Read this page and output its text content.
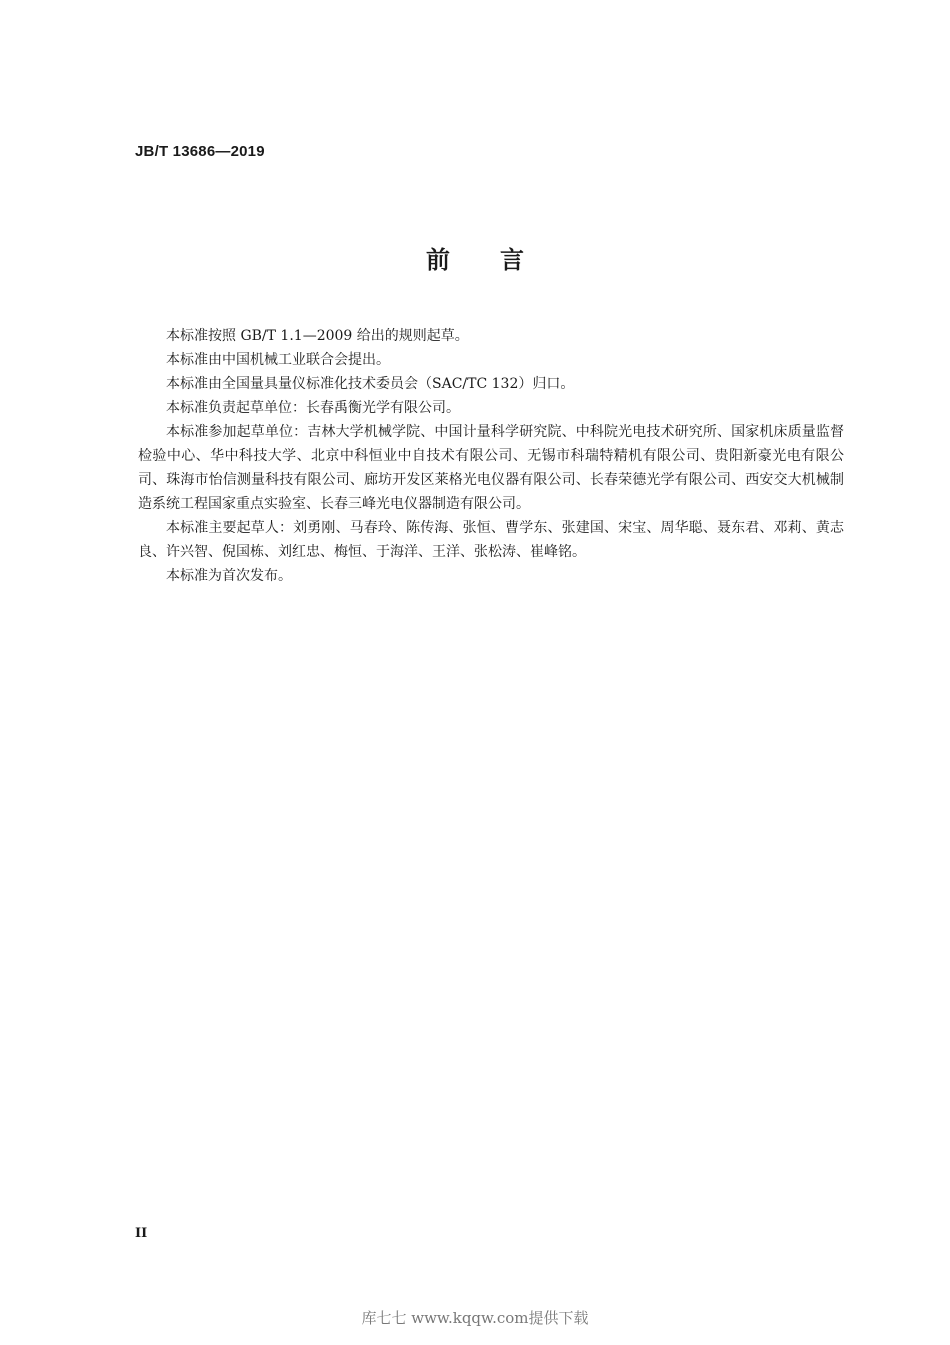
JB/T 13686—2019
前言

本标准按照 GB/T 1.1—2009 给出的规则起草。

本标准由中国机械工业联合会提出。

本标准由全国量具量仪标准化技术委员会（SAC/TC 132）归口。

本标准负责起草单位：长春禹衡光学有限公司。

本标准参加起草单位：吉林大学机械学院、中国计量科学研究院、中科院光电技术研究所、国家机床质量监督检验中心、华中科技大学、北京中科恒业中自技术有限公司、无锡市科瑞特精机有限公司、贵阳新豪光电有限公司、珠海市怡信测量科技有限公司、廊坊开发区莱格光电仪器有限公司、长春荣德光学有限公司、西安交大机械制造系统工程国家重点实验室、长春三峰光电仪器制造有限公司。

本标准主要起草人：刘勇刚、马春玲、陈传海、张恒、曹学东、张建国、宋宝、周华聪、聂东君、邓莉、黄志良、许兴智、倪国栋、刘红忠、梅恒、于海洋、王洋、张松涛、崔峰铭。

本标准为首次发布。

II
库七七 www.kqqw.com提供下载
